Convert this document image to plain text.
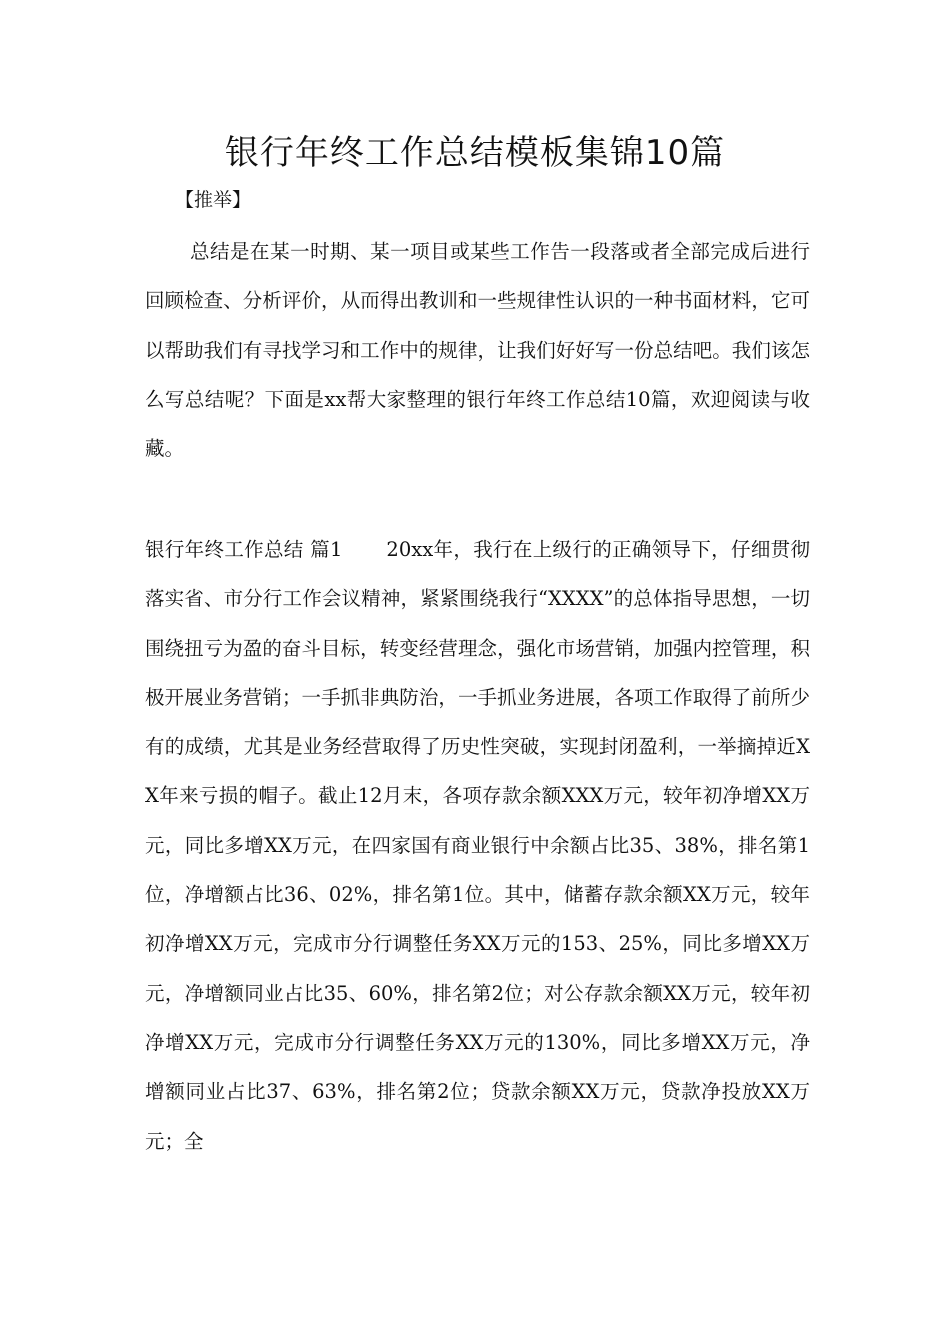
银行年终工作总结模板集锦10篇

【推举】

总结是在某一时期、某一项目或某些工作告一段落或者全部完成后进行回顾检查、分析评价，从而得出教训和一些规律性认识的一种书面材料，它可以帮助我们有寻找学习和工作中的规律，让我们好好写一份总结吧。我们该怎么写总结呢？下面是xx帮大家整理的银行年终工作总结10篇，欢迎阅读与收藏。

银行年终工作总结 篇1 20xx年，我行在上级行的正确领导下，仔细贯彻落实省、市分行工作会议精神，紧紧围绕我行“XXXX”的总体指导思想，一切围绕扭亏为盈的奋斗目标，转变经营理念，强化市场营销，加强内控管理，积极开展业务营销；一手抓非典防治，一手抓业务进展，各项工作取得了前所少有的成绩，尤其是业务经营取得了历史性突破，实现封闭盈利，一举摘掉近XX年来亏损的帽子。截止12月末，各项存款余额XXX万元，较年初净增XX万元，同比多增XX万元，在四家国有商业银行中余额占比35、38%，排名第1位，净增额占比36、02%，排名第1位。其中，储蓄存款余额XX万元，较年初净增XX万元，完成市分行调整任务XX万元的153、25%，同比多增XX万元，净增额同业占比35、60%，排名第2位；对公存款余额XX万元，较年初净增XX万元，完成市分行调整任务XX万元的130%，同比多增XX万元，净增额同业占比37、63%，排名第2位；贷款余额XX万元，贷款净投放XX万元；全
